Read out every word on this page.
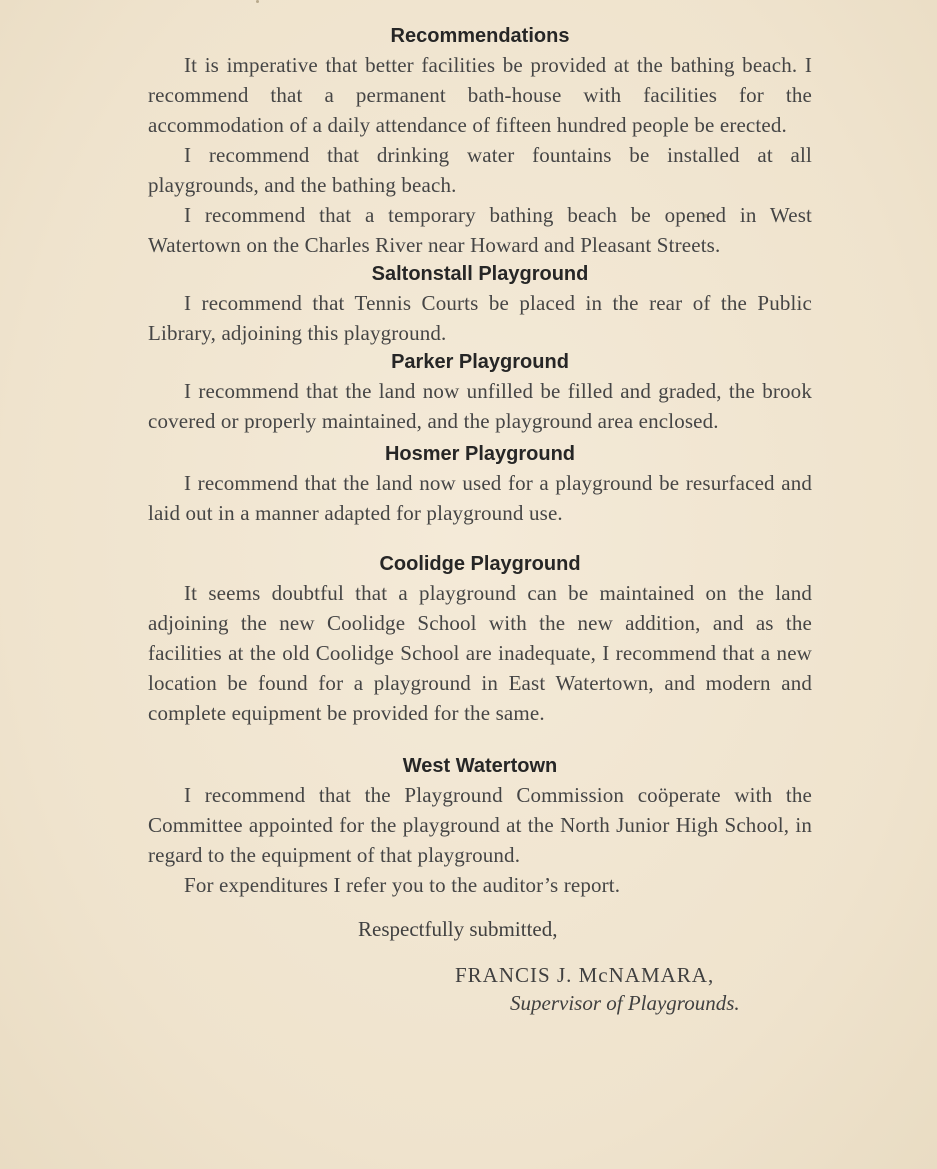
Recommendations

It is imperative that better facilities be provided at the bathing beach. I recommend that a permanent bath-house with facilities for the accommodation of a daily attendance of fifteen hundred people be erected.

I recommend that drinking water fountains be installed at all playgrounds, and the bathing beach.

I recommend that a temporary bathing beach be opened in West Watertown on the Charles River near Howard and Pleasant Streets.

Saltonstall Playground

I recommend that Tennis Courts be placed in the rear of the Public Library, adjoining this playground.

Parker Playground

I recommend that the land now unfilled be filled and graded, the brook covered or properly maintained, and the playground area enclosed.

Hosmer Playground

I recommend that the land now used for a playground be resurfaced and laid out in a manner adapted for playground use.

Coolidge Playground

It seems doubtful that a playground can be maintained on the land adjoining the new Coolidge School with the new addition, and as the facilities at the old Coolidge School are inadequate, I recommend that a new location be found for a playground in East Watertown, and modern and complete equipment be provided for the same.

West Watertown

I recommend that the Playground Commission coöperate with the Committee appointed for the playground at the North Junior High School, in regard to the equipment of that playground.

For expenditures I refer you to the auditor’s report.

Respectfully submitted,

FRANCIS J. McNAMARA,

Supervisor of Playgrounds.
